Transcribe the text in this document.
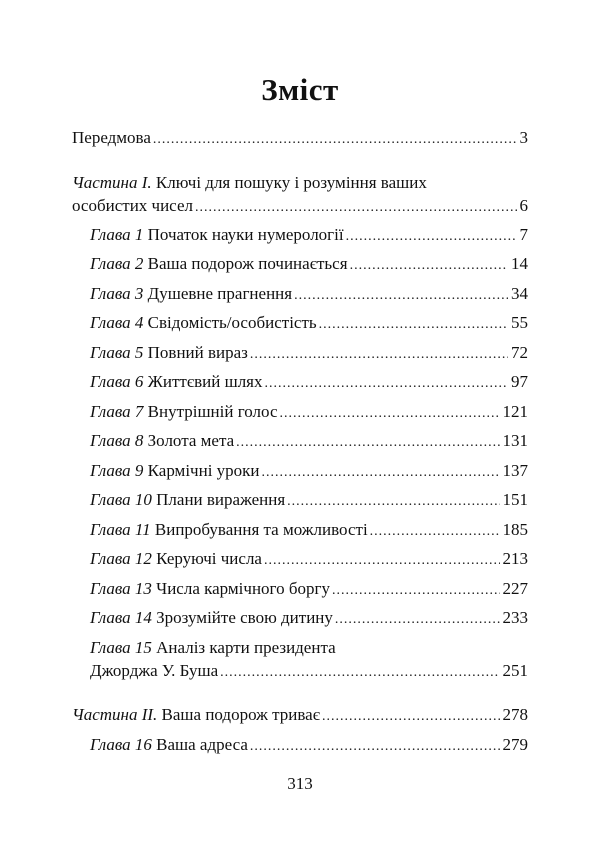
Зміст
Передмова .....	3
Частина I. Ключі для пошуку і розуміння ваших
особистих чисел .....	6
Глава 1 Початок науки нумерології .....	7
Глава 2 Ваша подорож починається .....	14
Глава 3 Душевне прагнення .....	34
Глава 4 Свідомість/особистість .....	55
Глава 5 Повний вираз .....	72
Глава 6 Життєвий шлях .....	97
Глава 7 Внутрішній голос .....	121
Глава 8 Золота мета .....	131
Глава 9 Кармічні уроки .....	137
Глава 10 Плани вираження .....	151
Глава 11 Випробування та можливості .....	185
Глава 12 Керуючі числа .....	213
Глава 13 Числа кармічного боргу .....	227
Глава 14 Зрозумійте свою дитину .....	233
Глава 15 Аналіз карти президента
Джорджа У. Буша .....	251
Частина II. Ваша подорож триває .....	278
Глава 16 Ваша адреса .....	279
313
